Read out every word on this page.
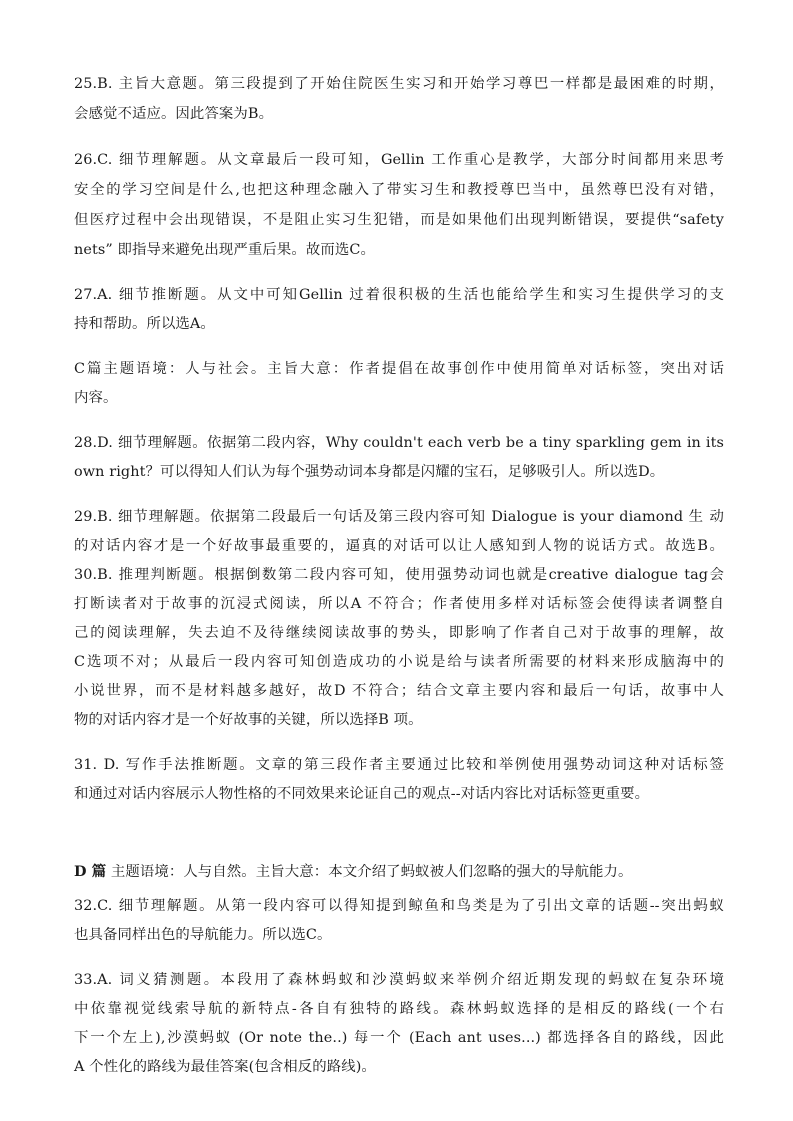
25.B. 主旨大意题。第三段提到了开始住院医生实习和开始学习尊巴一样都是最困难的时期，
会感觉不适应。因此答案为B。
26.C. 细节理解题。从文章最后一段可知，Gellin 工作重心是教学，大部分时间都用来思考
安全的学习空间是什么,也把这种理念融入了带实习生和教授尊巴当中，虽然尊巴没有对错，
但医疗过程中会出现错误，不是阻止实习生犯错，而是如果他们出现判断错误，要提供“safety
nets” 即指导来避免出现严重后果。故而选C。
27.A. 细节推断题。从文中可知Gellin 过着很积极的生活也能给学生和实习生提供学习的支
持和帮助。所以选A。
C篇主题语境：人与社会。主旨大意：作者提倡在故事创作中使用简单对话标签，突出对话
内容。
28.D. 细节理解题。依据第二段内容，Why couldn't each verb be a tiny sparkling gem in its
own right？可以得知人们认为每个强势动词本身都是闪耀的宝石，足够吸引人。所以选D。
29.B. 细节理解题。依据第二段最后一句话及第三段内容可知 Dialogue is your diamond 生 动
的对话内容才是一个好故事最重要的，逼真的对话可以让人感知到人物的说话方式。故选B。
30.B. 推理判断题。根据倒数第二段内容可知，使用强势动词也就是creative dialogue tag会
打断读者对于故事的沉浸式阅读，所以A 不符合；作者使用多样对话标签会使得读者调整自
己的阅读理解，失去迫不及待继续阅读故事的势头，即影响了作者自己对于故事的理解，故
C选项不对；从最后一段内容可知创造成功的小说是给与读者所需要的材料来形成脑海中的
小说世界，而不是材料越多越好，故D 不符合；结合文章主要内容和最后一句话，故事中人
物的对话内容才是一个好故事的关键，所以选择B 项。
31. D. 写作手法推断题。文章的第三段作者主要通过比较和举例使用强势动词这种对话标签
和通过对话内容展示人物性格的不同效果来论证自己的观点--对话内容比对话标签更重要。
D 篇 主题语境：人与自然。主旨大意：本文介绍了蚂蚁被人们忽略的强大的导航能力。
32.C. 细节理解题。从第一段内容可以得知提到鲸鱼和鸟类是为了引出文章的话题--突出蚂蚁
也具备同样出色的导航能力。所以选C。
33.A. 词义猜测题。本段用了森林蚂蚁和沙漠蚂蚁来举例介绍近期发现的蚂蚁在复杂环境
中依靠视觉线索导航的新特点-各自有独特的路线。森林蚂蚁选择的是相反的路线(一个右
下一个左上),沙漠蚂蚁 (Or note the..) 每一个 (Each ant uses...) 都选择各自的路线，因此
A 个性化的路线为最佳答案(包含相反的路线)。
